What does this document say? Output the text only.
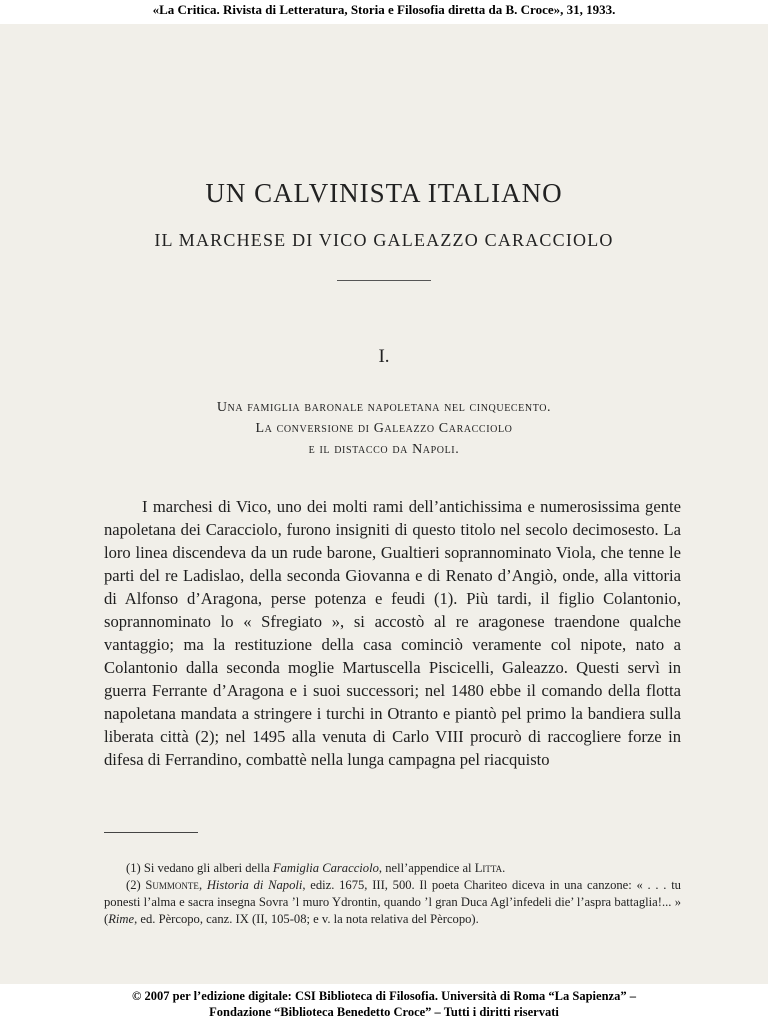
«La Critica. Rivista di Letteratura, Storia e Filosofia diretta da B. Croce», 31, 1933.
UN CALVINISTA ITALIANO
IL MARCHESE DI VICO GALEAZZO CARACCIOLO
I.
Una famiglia baronale napoletana nel cinquecento.
La conversione di Galeazzo Caracciolo
e il distacco da Napoli.

I marchesi di Vico, uno dei molti rami dell’antichissima e numerosissima gente napoletana dei Caracciolo, furono insigniti di questo titolo nel secolo decimosesto. La loro linea discendeva da un rude barone, Gualtieri soprannominato Viola, che tenne le parti del re Ladislao, della seconda Giovanna e di Renato d’Angiò, onde, alla vittoria di Alfonso d’Aragona, perse potenza e feudi (1). Più tardi, il figlio Colantonio, soprannominato lo « Sfregiato », si accostò al re aragonese traendone qualche vantaggio; ma la restituzione della casa cominciò veramente col nipote, nato a Colantonio dalla seconda moglie Martuscella Piscicelli, Galeazzo. Questi servì in guerra Ferrante d’Aragona e i suoi successori; nel 1480 ebbe il comando della flotta napoletana mandata a stringere i turchi in Otranto e piantò pel primo la bandiera sulla liberata città (2); nel 1495 alla venuta di Carlo VIII procurò di raccogliere forze in difesa di Ferrandino, combattè nella lunga campagna pel riacquisto

(1) Si vedano gli alberi della Famiglia Caracciolo, nell’appendice al Litta.

(2) Summonte, Historia di Napoli, ediz. 1675, III, 500. Il poeta Chariteo diceva in una canzone: « . . . tu ponesti l’alma e sacra insegna Sovra ’l muro Ydrontin, quando ’l gran Duca Agl’infedeli die’ l’aspra battaglia!... » (Rime, ed. Pèrcopo, canz. IX (II, 105-08; e v. la nota relativa del Pèrcopo).

© 2007 per l’edizione digitale: CSI Biblioteca di Filosofia. Università di Roma “La Sapienza” –
Fondazione “Biblioteca Benedetto Croce” – Tutti i diritti riservati
